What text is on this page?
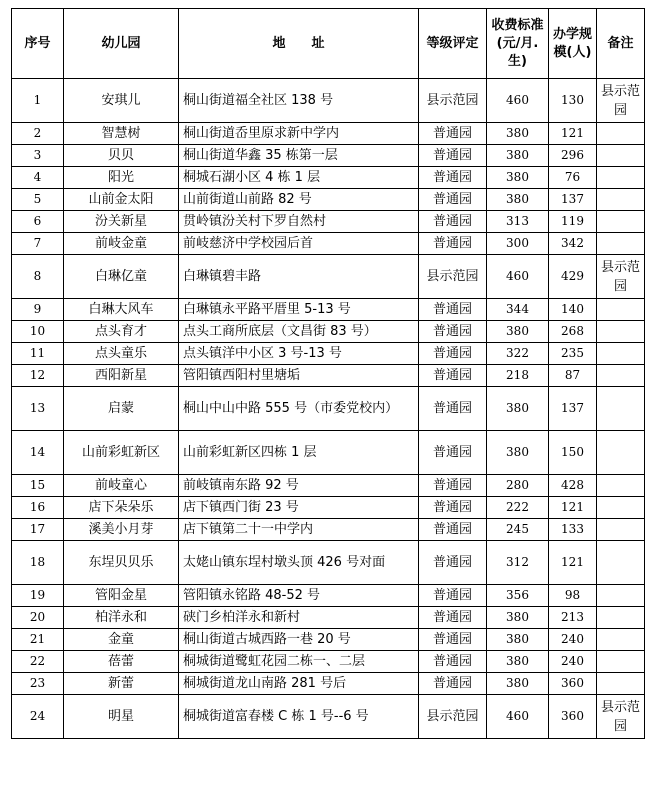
序号	幼儿园	地　　址	等级评定	收费标准(元/月.生)	办学规模(人)	备注
1	安琪儿	桐山街道福全社区 138 号	县示范园	460	130	县示范园
2	智慧树	桐山街道岙里原求新中学内	普通园	380	121	
3	贝贝	桐山街道华鑫 35 栋第一层	普通园	380	296	
4	阳光	桐城石湖小区 4 栋 1 层	普通园	380	76	
5	山前金太阳	山前街道山前路 82 号	普通园	380	137	
6	汾关新星	贯岭镇汾关村下罗自然村	普通园	313	119	
7	前岐金童	前岐慈济中学校园后首	普通园	300	342	
8	白琳亿童	白琳镇碧丰路	县示范园	460	429	县示范园
9	白琳大风车	白琳镇永平路平厝里 5-13 号	普通园	344	140	
10	点头育才	点头工商所底层（文昌街 83 号）	普通园	380	268	
11	点头童乐	点头镇洋中小区 3 号-13 号	普通园	322	235	
12	西阳新星	管阳镇西阳村里塘垢	普通园	218	87	
13	启蒙	桐山中山中路 555 号（市委党校内）	普通园	380	137	
14	山前彩虹新区	山前彩虹新区四栋 1 层	普通园	380	150	
15	前岐童心	前岐镇南东路 92 号	普通园	280	428	
16	店下朵朵乐	店下镇西门街 23 号	普通园	222	121	
17	溪美小月芽	店下镇第二十一中学内	普通园	245	133	
18	东埕贝贝乐	太姥山镇东埕村墩头顶 426 号对面	普通园	312	121	
19	管阳金星	管阳镇永铭路 48-52 号	普通园	356	98	
20	柏洋永和	硖门乡柏洋永和新村	普通园	380	213	
21	金童	桐山街道古城西路一巷 20 号	普通园	380	240	
22	蓓蕾	桐城街道鹭虹花园二栋一、二层	普通园	380	240	
23	新蕾	桐城街道龙山南路 281 号后	普通园	380	360	
24	明星	桐城街道富春楼 C 栋 1 号--6 号	县示范园	460	360	县示范园
